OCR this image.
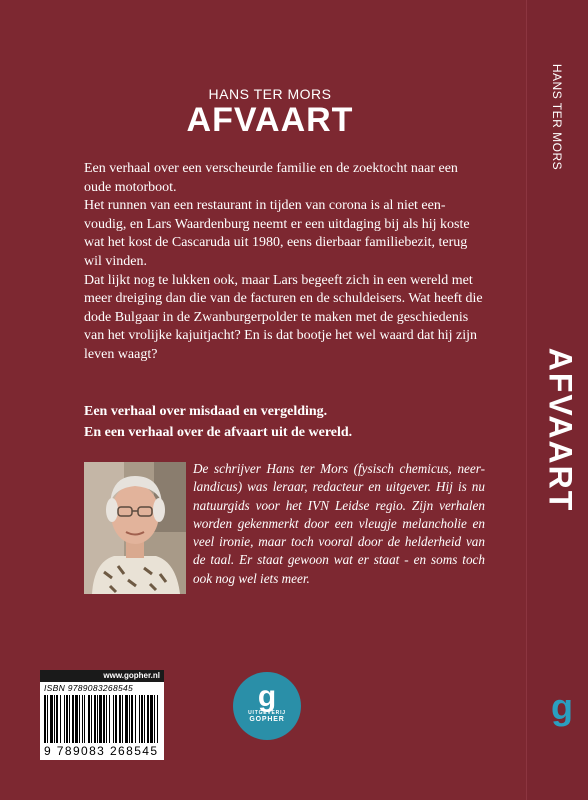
HANS TER MORS
AFVAART

Een verhaal over een verscheurde familie en de zoektocht naar een oude motorboot.

Het runnen van een restaurant in tijden van corona is al niet een-voudig, en Lars Waardenburg neemt er een uitdaging bij als hij koste wat het kost de Cascaruda uit 1980, eens dierbaar familiebezit, terug wil vinden.

Dat lijkt nog te lukken ook, maar Lars begeeft zich in een wereld met meer dreiging dan die van de facturen en de schuldeisers. Wat heeft die dode Bulgaar in de Zwanburgerpolder te maken met de geschiedenis van het vrolijke kajuitjacht? En is dat bootje het wel waard dat hij zijn leven waagt?

Een verhaal over misdaad en vergelding.

En een verhaal over de afvaart uit de wereld.

De schrijver Hans ter Mors (fysisch chemicus, neer-landicus) was leraar, redacteur en uitgever. Hij is nu natuurgids voor het IVN Leidse regio. Zijn verhalen worden gekenmerkt door een vleugje melancholie en veel ironie, maar toch vooral door de helderheid van de taal. Er staat gewoon wat er staat - en soms toch ook nog wel iets meer.
www.gopher.nl
ISBN 9789083268545
9 789083 268545
g
UITGEVERIJ
GOPHER
HANS TER MORS
AFVAART
g
